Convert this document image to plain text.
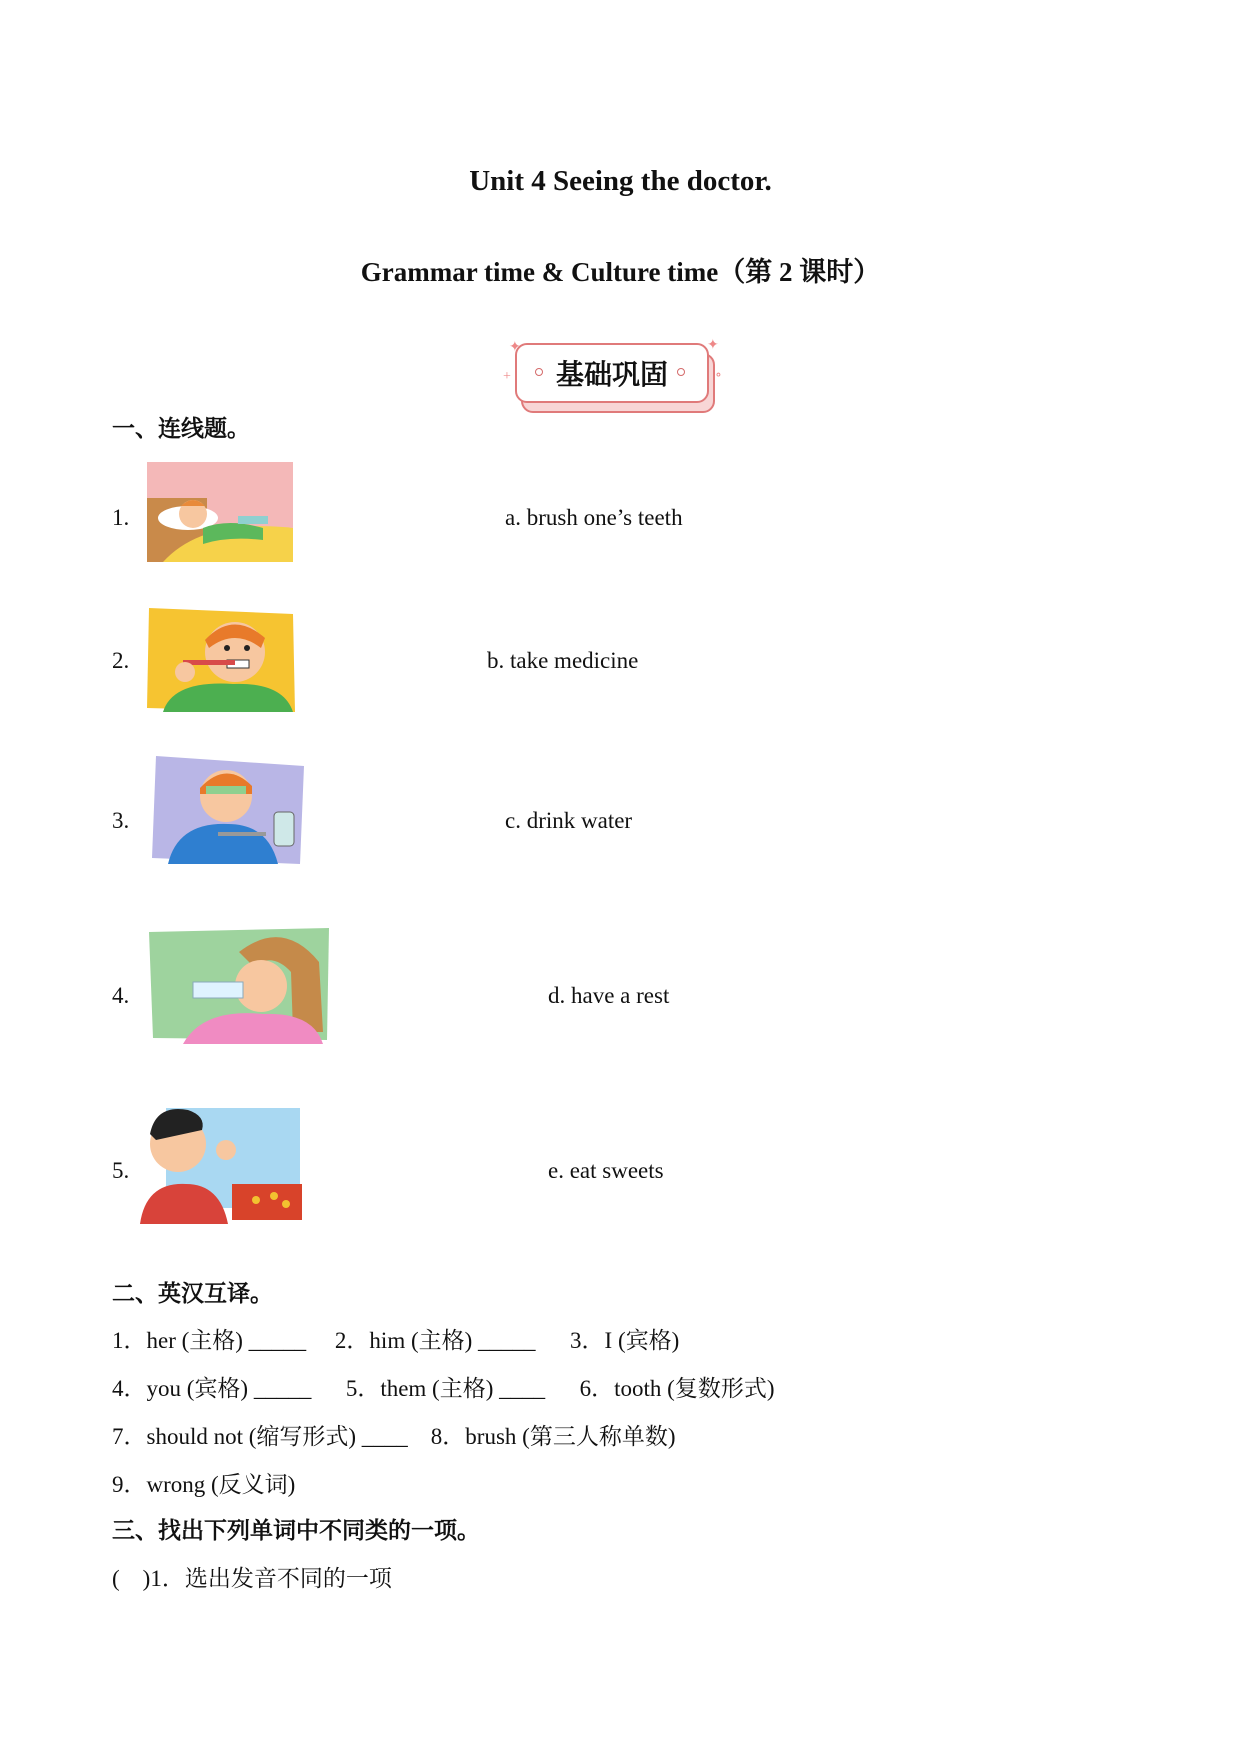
Unit 4 Seeing the doctor.
Grammar time & Culture time（第 2 课时）
基础巩固
✦	✦
+	∘
一、连线题。
1.
2.
3.
4.
5.
a. brush one’s teeth
b. take medicine
c. drink water
d. have a rest
e. eat sweets
二、英汉互译。
1．her (主格) _____     2．him (主格) _____      3．I (宾格)
4．you (宾格) _____      5．them (主格) ____      6．tooth (复数形式)
7．should not (缩写形式) ____    8．brush (第三人称单数)
9．wrong (反义词)
三、找出下列单词中不同类的一项。
(    )1．选出发音不同的一项
